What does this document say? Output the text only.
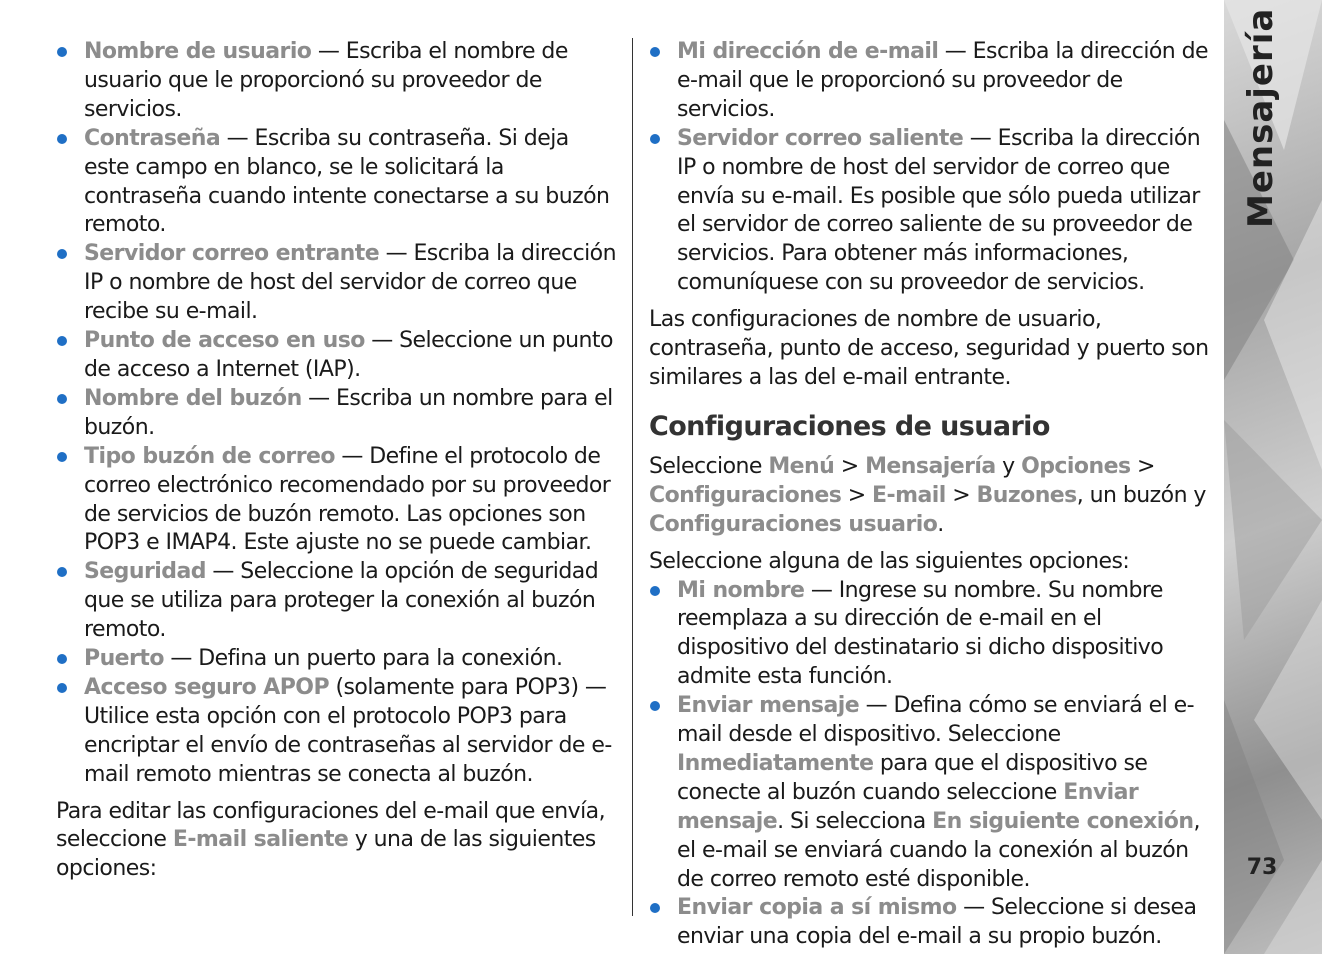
Nombre de usuario — Escriba el nombre de usuario que le proporcionó su proveedor de servicios.
Contraseña — Escriba su contraseña. Si deja este campo en blanco, se le solicitará la contraseña cuando intente conectarse a su buzón remoto.
Servidor correo entrante — Escriba la dirección IP o nombre de host del servidor de correo que recibe su e-mail.
Punto de acceso en uso — Seleccione un punto de acceso a Internet (IAP).
Nombre del buzón — Escriba un nombre para el buzón.
Tipo buzón de correo — Define el protocolo de correo electrónico recomendado por su proveedor de servicios de buzón remoto. Las opciones son POP3 e IMAP4. Este ajuste no se puede cambiar.
Seguridad — Seleccione la opción de seguridad que se utiliza para proteger la conexión al buzón remoto.
Puerto — Defina un puerto para la conexión.
Acceso seguro APOP (solamente para POP3) — Utilice esta opción con el protocolo POP3 para encriptar el envío de contraseñas al servidor de e-mail remoto mientras se conecta al buzón.

Para editar las configuraciones del e-mail que envía, seleccione E-mail saliente y una de las siguientes opciones:

Mi dirección de e-mail — Escriba la dirección de e-mail que le proporcionó su proveedor de servicios.
Servidor correo saliente — Escriba la dirección IP o nombre de host del servidor de correo que envía su e-mail. Es posible que sólo pueda utilizar el servidor de correo saliente de su proveedor de servicios. Para obtener más informaciones, comuníquese con su proveedor de servicios.

Las configuraciones de nombre de usuario, contraseña, punto de acceso, seguridad y puerto son similares a las del e-mail entrante.

Configuraciones de usuario

Seleccione Menú > Mensajería y Opciones > Configuraciones > E-mail > Buzones, un buzón y Configuraciones usuario.

Seleccione alguna de las siguientes opciones:

Mi nombre — Ingrese su nombre. Su nombre reemplaza a su dirección de e-mail en el dispositivo del destinatario si dicho dispositivo admite esta función.
Enviar mensaje — Defina cómo se enviará el e-mail desde el dispositivo. Seleccione Inmediatamente para que el dispositivo se conecte al buzón cuando seleccione Enviar mensaje. Si selecciona En siguiente conexión, el e-mail se enviará cuando la conexión al buzón de correo remoto esté disponible.
Enviar copia a sí mismo — Seleccione si desea enviar una copia del e-mail a su propio buzón.
Mensajería
73
